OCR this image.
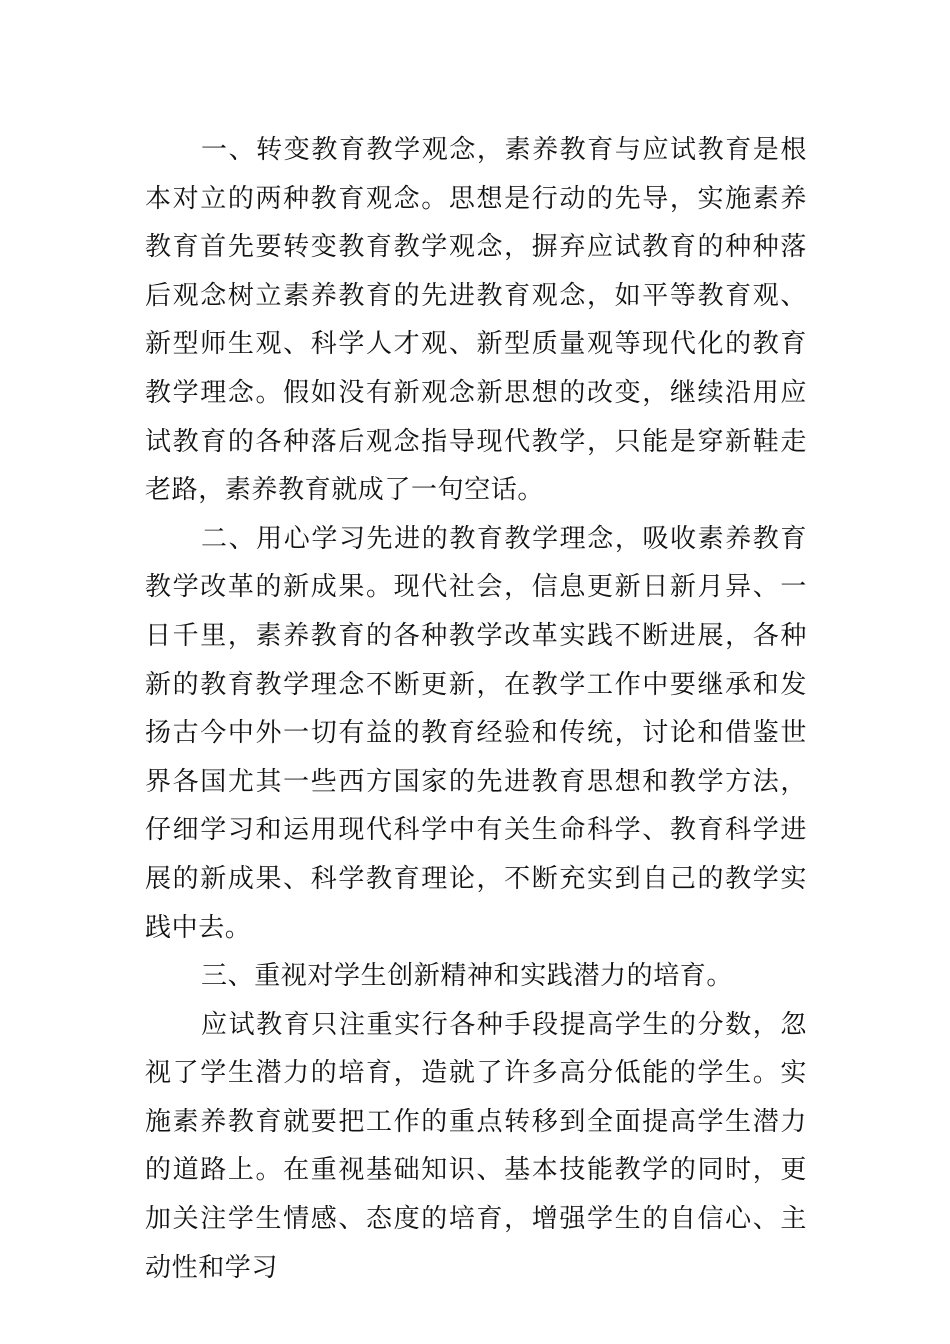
一、转变教育教学观念，素养教育与应试教育是根本对立的两种教育观念。思想是行动的先导，实施素养教育首先要转变教育教学观念，摒弃应试教育的种种落后观念树立素养教育的先进教育观念，如平等教育观、新型师生观、科学人才观、新型质量观等现代化的教育教学理念。假如没有新观念新思想的改变，继续沿用应试教育的各种落后观念指导现代教学，只能是穿新鞋走老路，素养教育就成了一句空话。

二、用心学习先进的教育教学理念，吸收素养教育教学改革的新成果。现代社会，信息更新日新月异、一日千里，素养教育的各种教学改革实践不断进展，各种新的教育教学理念不断更新，在教学工作中要继承和发扬古今中外一切有益的教育经验和传统，讨论和借鉴世界各国尤其一些西方国家的先进教育思想和教学方法，仔细学习和运用现代科学中有关生命科学、教育科学进展的新成果、科学教育理论，不断充实到自己的教学实践中去。

三、重视对学生创新精神和实践潜力的培育。

应试教育只注重实行各种手段提高学生的分数，忽视了学生潜力的培育，造就了许多高分低能的学生。实施素养教育就要把工作的重点转移到全面提高学生潜力的道路上。在重视基础知识、基本技能教学的同时，更加关注学生情感、态度的培育，增强学生的自信心、主动性和学习
